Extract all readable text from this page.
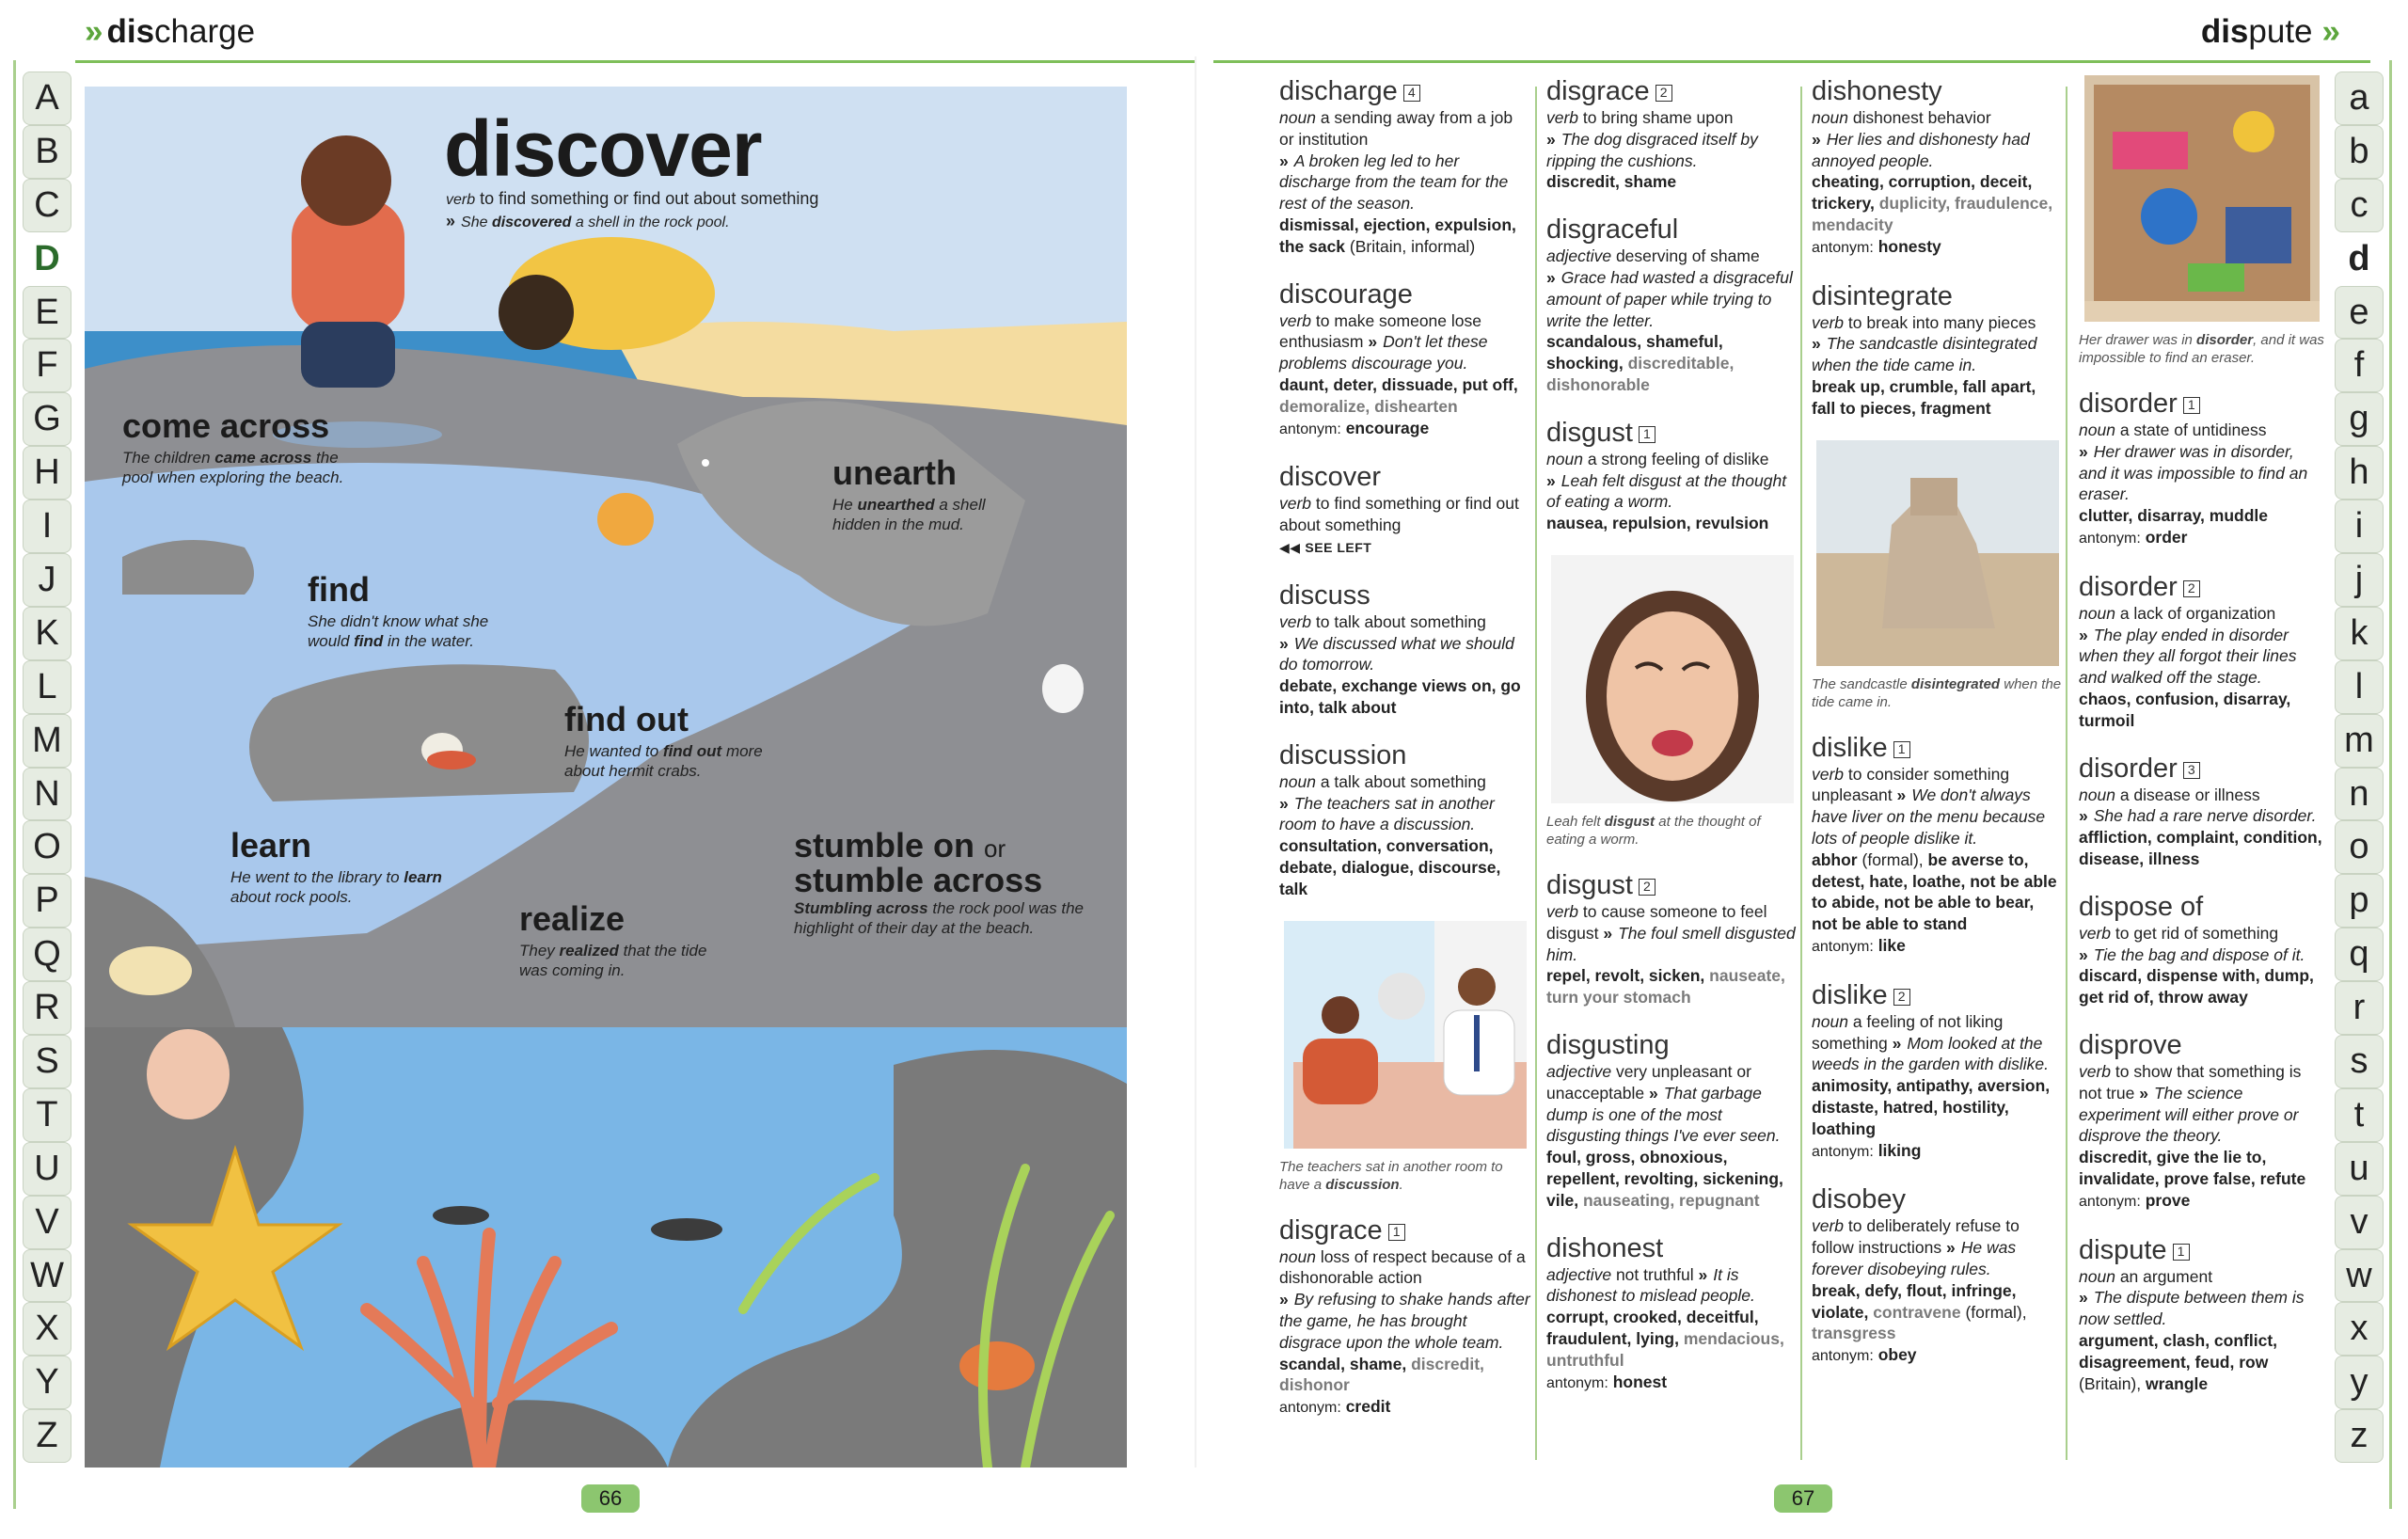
» discharge	dispute »
A
B
C
D
E
F
G
H
I
J
K
L
M
N
O
P
Q
R
S
T
U
V
W
X
Y
Z
a
b
c
d
e
f
g
h
i
j
k
l
m
n
o
p
q
r
s
t
u
v
w
x
y
z
discover
verb to find something or find out about something
» She discovered a shell in the rock pool.
come across
The children came across the pool when exploring the beach.	unearth
He unearthed a shell hidden in the mud.
find
She didn't know what she would find in the water.
find out
He wanted to find out more about hermit crabs.
learn
He went to the library to learn about rock pools.
realize
They realized that the tide was coming in.
stumble on or
stumble across
Stumbling across the rock pool was the highlight of their day at the beach.
discharge 4
noun a sending away from a job or institution
» A broken leg led to her discharge from the team for the rest of the season.
dismissal, ejection, expulsion,
the sack (Britain, informal)
discourage
verb to make someone lose enthusiasm » Don't let these problems discourage you.
daunt, deter, dissuade, put off, demoralize, dishearten
antonym: encourage
discover
verb to find something or find out about something
◀◀ SEE LEFT
discuss
verb to talk about something
» We discussed what we should do tomorrow.
debate, exchange views on, go into, talk about
discussion
noun a talk about something
» The teachers sat in another room to have a discussion.
consultation, conversation, debate, dialogue, discourse, talk
The teachers sat in another room to have a discussion.
disgrace 1
noun loss of respect because of a dishonorable action
» By refusing to shake hands after the game, he has brought disgrace upon the whole team.
scandal, shame, discredit, dishonor
antonym: credit
disgrace 2
verb to bring shame upon
» The dog disgraced itself by ripping the cushions.
discredit, shame
disgraceful
adjective deserving of shame
» Grace had wasted a disgraceful amount of paper while trying to write the letter.
scandalous, shameful, shocking, discreditable, dishonorable
disgust 1
noun a strong feeling of dislike
» Leah felt disgust at the thought of eating a worm.
nausea, repulsion, revulsion
Leah felt disgust at the thought of eating a worm.
disgust 2
verb to cause someone to feel disgust » The foul smell disgusted him.
repel, revolt, sicken, nauseate, turn your stomach
disgusting
adjective very unpleasant or unacceptable » That garbage dump is one of the most disgusting things I've ever seen.
foul, gross, obnoxious, repellent, revolting, sickening, vile, nauseating, repugnant
dishonest
adjective not truthful » It is dishonest to mislead people.
corrupt, crooked, deceitful, fraudulent, lying, mendacious, untruthful
antonym: honest
dishonesty
noun dishonest behavior
» Her lies and dishonesty had annoyed people.
cheating, corruption, deceit, trickery, duplicity, fraudulence, mendacity
antonym: honesty
disintegrate
verb to break into many pieces » The sandcastle disintegrated when the tide came in.
break up, crumble, fall apart, fall to pieces, fragment
The sandcastle disintegrated when the tide came in.
dislike 1
verb to consider something unpleasant » We don't always have liver on the menu because lots of people dislike it.
abhor (formal), be averse to, detest, hate, loathe, not be able to abide, not be able to bear, not be able to stand
antonym: like
dislike 2
noun a feeling of not liking something » Mom looked at the weeds in the garden with dislike.
animosity, antipathy, aversion, distaste, hatred, hostility, loathing
antonym: liking
disobey
verb to deliberately refuse to follow instructions » He was forever disobeying rules.
break, defy, flout, infringe, violate, contravene (formal), transgress
antonym: obey
Her drawer was in disorder, and it was impossible to find an eraser.
disorder 1
noun a state of untidiness
» Her drawer was in disorder, and it was impossible to find an eraser.
clutter, disarray, muddle
antonym: order
disorder 2
noun a lack of organization
» The play ended in disorder when they all forgot their lines and walked off the stage.
chaos, confusion, disarray, turmoil
disorder 3
noun a disease or illness
» She had a rare nerve disorder.
affliction, complaint, condition, disease, illness
dispose of
verb to get rid of something
» Tie the bag and dispose of it.
discard, dispense with, dump, get rid of, throw away
disprove
verb to show that something is not true » The science experiment will either prove or disprove the theory.
discredit, give the lie to, invalidate, prove false, refute
antonym: prove
dispute 1
noun an argument
» The dispute between them is now settled.
argument, clash, conflict, disagreement, feud, row (Britain), wrangle
66	67
